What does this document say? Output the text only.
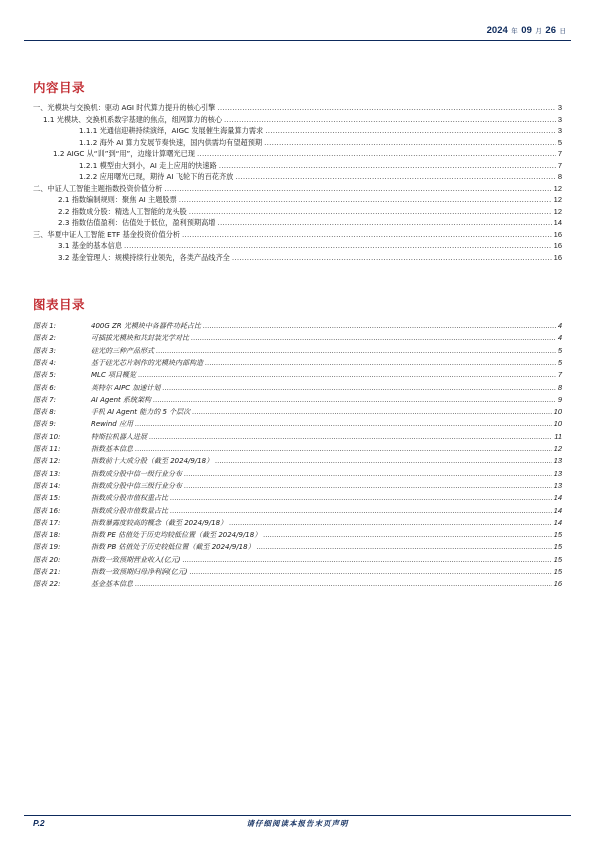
2024 年 09 月 26 日
内容目录
一、光模块与交换机：驱动 AGI 时代算力提升的核心引擎 .....	3
1.1 光模块、交换机系数字基建的焦点，组网算力的核心 .....	3
1.1.1 光通信迎耕持续演绎，AIGC 发展催生海量算力需求 .....	3
1.1.2 海外 AI 算力发展节奏快速，国内供需均有望超预期 .....	5
1.2 AIGC 从“训”到“用”，边缘计算曙光已现 .....	7
1.2.1 模型由大到小，AI 走上应用的快速路 .....	7
1.2.2 应用曙光已现，期待 AI 飞轮下的百花齐放 .....	8
二、中证人工智能主题指数投资价值分析 .....	12
2.1 指数编制规则：聚焦 AI 主题股票 .....	12
2.2 指数成分股：精选人工智能的龙头股 .....	12
2.3 指数估值盈利：估值处于低位，盈利预期高增 .....	14
三、华夏中证人工智能 ETF 基金投资价值分析 .....	16
3.1 基金的基本信息 .....	16
3.2 基金管理人：规模持续行业领先，各类产品线齐全 .....	16
图表目录
图表 1:	400G ZR 光模块中各器件功耗占比 .....	4
图表 2:	可插拔光模块和共封装光学对比 .....	4
图表 3:	硅光的三种产品形式 .....	5
图表 4:	基于硅光芯片制作的光模块内部构造 .....	5
图表 5:	MLC 项目概览 .....	7
图表 6:	英特尔 AIPC 加速计划 .....	8
图表 7:	AI Agent 系统架构 .....	9
图表 8:	手机 AI Agent 能力的 5 个层次 .....	10
图表 9:	Rewind 应用 .....	10
图表 10:	特斯拉机器人进展 .....	11
图表 11:	指数基本信息 .....	12
图表 12:	指数前十大成分股（截至 2024/9/18） .....	13
图表 13:	指数成分股中信一级行业分布 .....	13
图表 14:	指数成分股中信三级行业分布 .....	13
图表 15:	指数成分股市值权重占比 .....	14
图表 16:	指数成分股市值数量占比 .....	14
图表 17:	指数暴露度较高的概念（截至 2024/9/18） .....	14
图表 18:	指数 PE 估值处于历史均较低位置（截至 2024/9/18） .....	15
图表 19:	指数 PB 估值处于历史较低位置（截至 2024/9/18） .....	15
图表 20:	指数一致预期营业收入(亿元) .....	15
图表 21:	指数一致预期归母净利润(亿元) .....	15
图表 22:	基金基本信息 .....	16
P.2	请仔细阅读本报告末页声明
